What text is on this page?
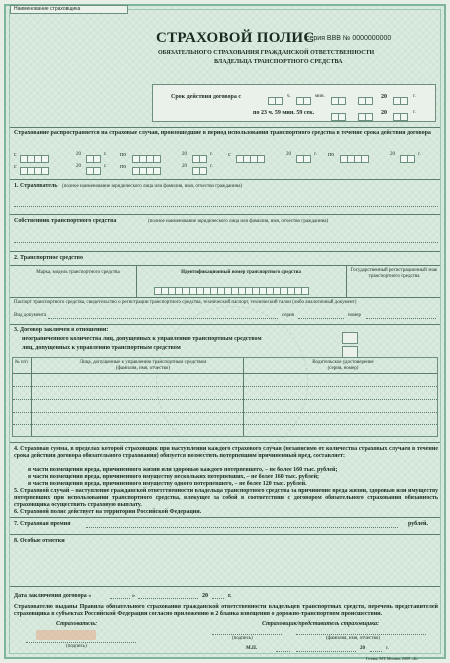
Наименование страховщика
СТРАХОВОЙ ПОЛИС
серия ВВВ № 0000000000
ОБЯЗАТЕЛЬНОГО СТРАХОВАНИЯ ГРАЖДАНСКОЙ ОТВЕТСТВЕННОСТИ
ВЛАДЕЛЬЦА ТРАНСПОРТНОГО СРЕДСТВА
Срок действия договора с	ч.	мин.	20	г.
по 23 ч. 59 мин. 59 сек.	20	г.
Страхование распространяется на страховые случаи, произошедшие в период использования транспортного средства в течение срока действия договора
с	20	г. по	20	г.	с	20	г. по	20	г.
с	20	г. по	20	г.
1. Страхователь (полное наименование юридического лица или фамилия, имя, отчество гражданина)
Собственник транспортного средства	(полное наименование юридического лица или фамилия, имя, отчество гражданина)
2. Транспортное средство
Марка, модель транспортного средства	Идентификационный номер транспортного средства	Государственный регистрационный знак транспортного средства
Паспорт транспортного средства, свидетельство о регистрации транспортного средства, технический паспорт, технический талон (либо аналогичный документ)
Вид документа	серия	номер
3. Договор заключен в отношении:
неограниченного количества лиц, допущенных к управлению транспортным средством
лиц, допущенных к управлению транспортным средством
№ п/п	Лица, допущенные к управлению транспортным средством
(фамилия, имя, отчество)
Водительское удостоверение
(серия, номер)
4. Страховая сумма, в пределах которой страховщик при наступлении каждого страхового случая (независимо от количества страховых случаев в течение срока действия договора обязательного страхования) обязуется возместить потерпевшим причиненный вред, составляет:
в части возмещения вреда, причиненного жизни или здоровью каждого потерпевшего, – не более 160 тыс. рублей;
в части возмещения вреда, причиненного имуществу нескольких потерпевших, – не более 160 тыс. рублей;
в части возмещения вреда, причиненного имуществу одного потерпевшего, – не более 120 тыс. рублей.
5. Страховой случай – наступление гражданской ответственности владельца транспортного средства за причинение вреда жизни, здоровью или имуществу потерпевших при использовании транспортного средства, влекущее за собой в соответствии с договором обязательного страхования обязанность страховщика осуществить страховую выплату.
6. Страховой полис действует на территории Российской Федерации.
7. Страховая премия	рублей.
8. Особые отметки
Дата заключения договора «	»	20	г.
Страхователю выданы Правила обязательного страхования гражданской ответственности владельцев транспортных средств, перечень представителей страховщика в субъектах Российской Федерации согласно приложению и 2 бланка извещения о дорожно-транспортном происшествии.
Страхователь:
(подпись)
Страховщик/представитель страховщика:
(подпись)	(фамилия, имя, отчество)
М.П.	20	г.
Гознак, МТ, Москва, 2009. «Б»
